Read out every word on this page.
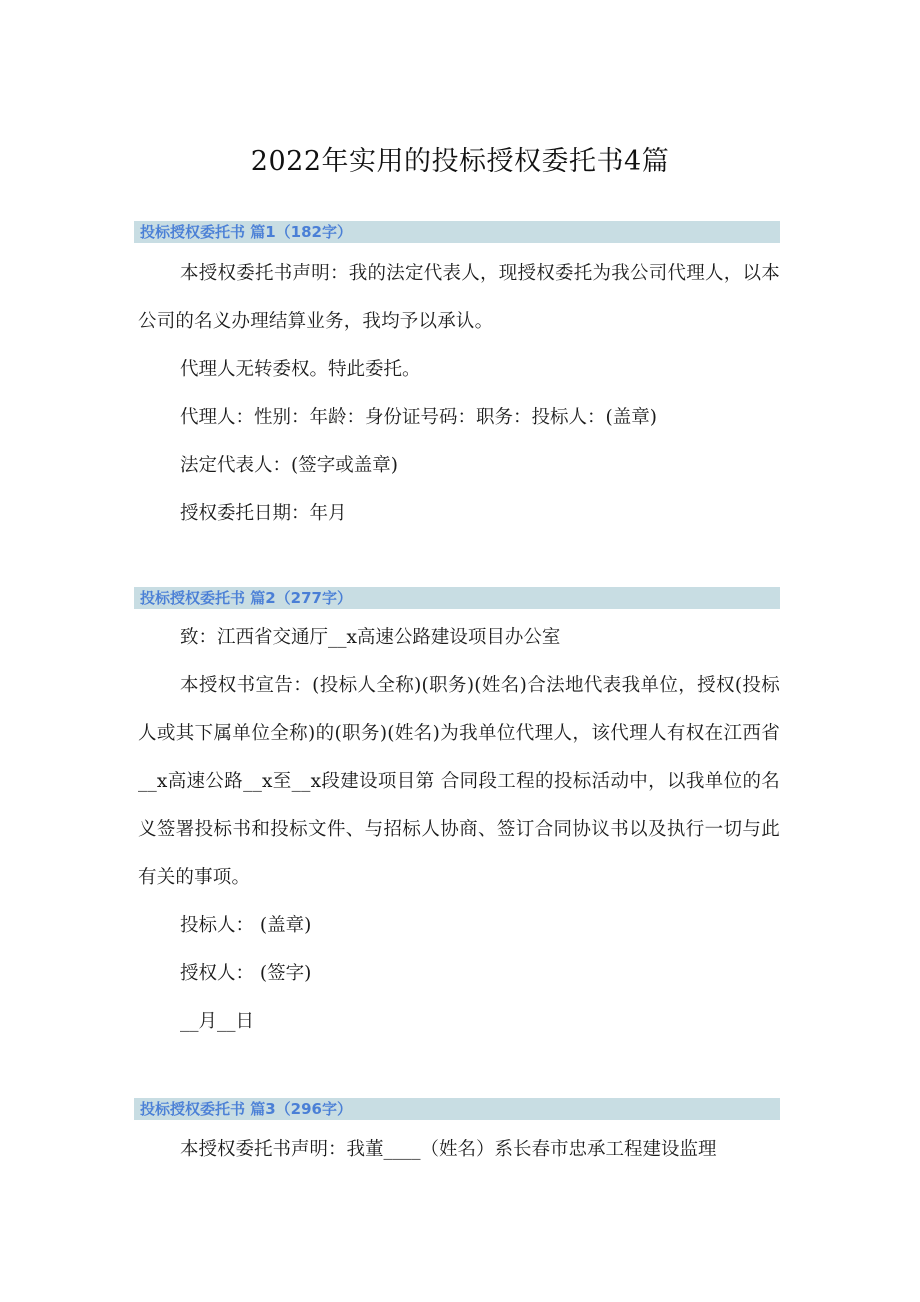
2022年实用的投标授权委托书4篇
投标授权委托书 篇1（182字）
本授权委托书声明：我的法定代表人，现授权委托为我公司代理人，以本公司的名义办理结算业务，我均予以承认。
代理人无转委权。特此委托。
代理人：性别：年龄：身份证号码：职务：投标人：(盖章)
法定代表人：(签字或盖章)
授权委托日期：年月
投标授权委托书 篇2（277字）
致：江西省交通厅__x高速公路建设项目办公室
本授权书宣告：(投标人全称)(职务)(姓名)合法地代表我单位，授权(投标人或其下属单位全称)的(职务)(姓名)为我单位代理人，该代理人有权在江西省__x高速公路__x至__x段建设项目第 合同段工程的投标活动中，以我单位的名义签署投标书和投标文件、与招标人协商、签订合同协议书以及执行一切与此有关的事项。
投标人： (盖章)
授权人： (签字)
__月__日
投标授权委托书 篇3（296字）
本授权委托书声明：我董____（姓名）系长春市忠承工程建设监理
